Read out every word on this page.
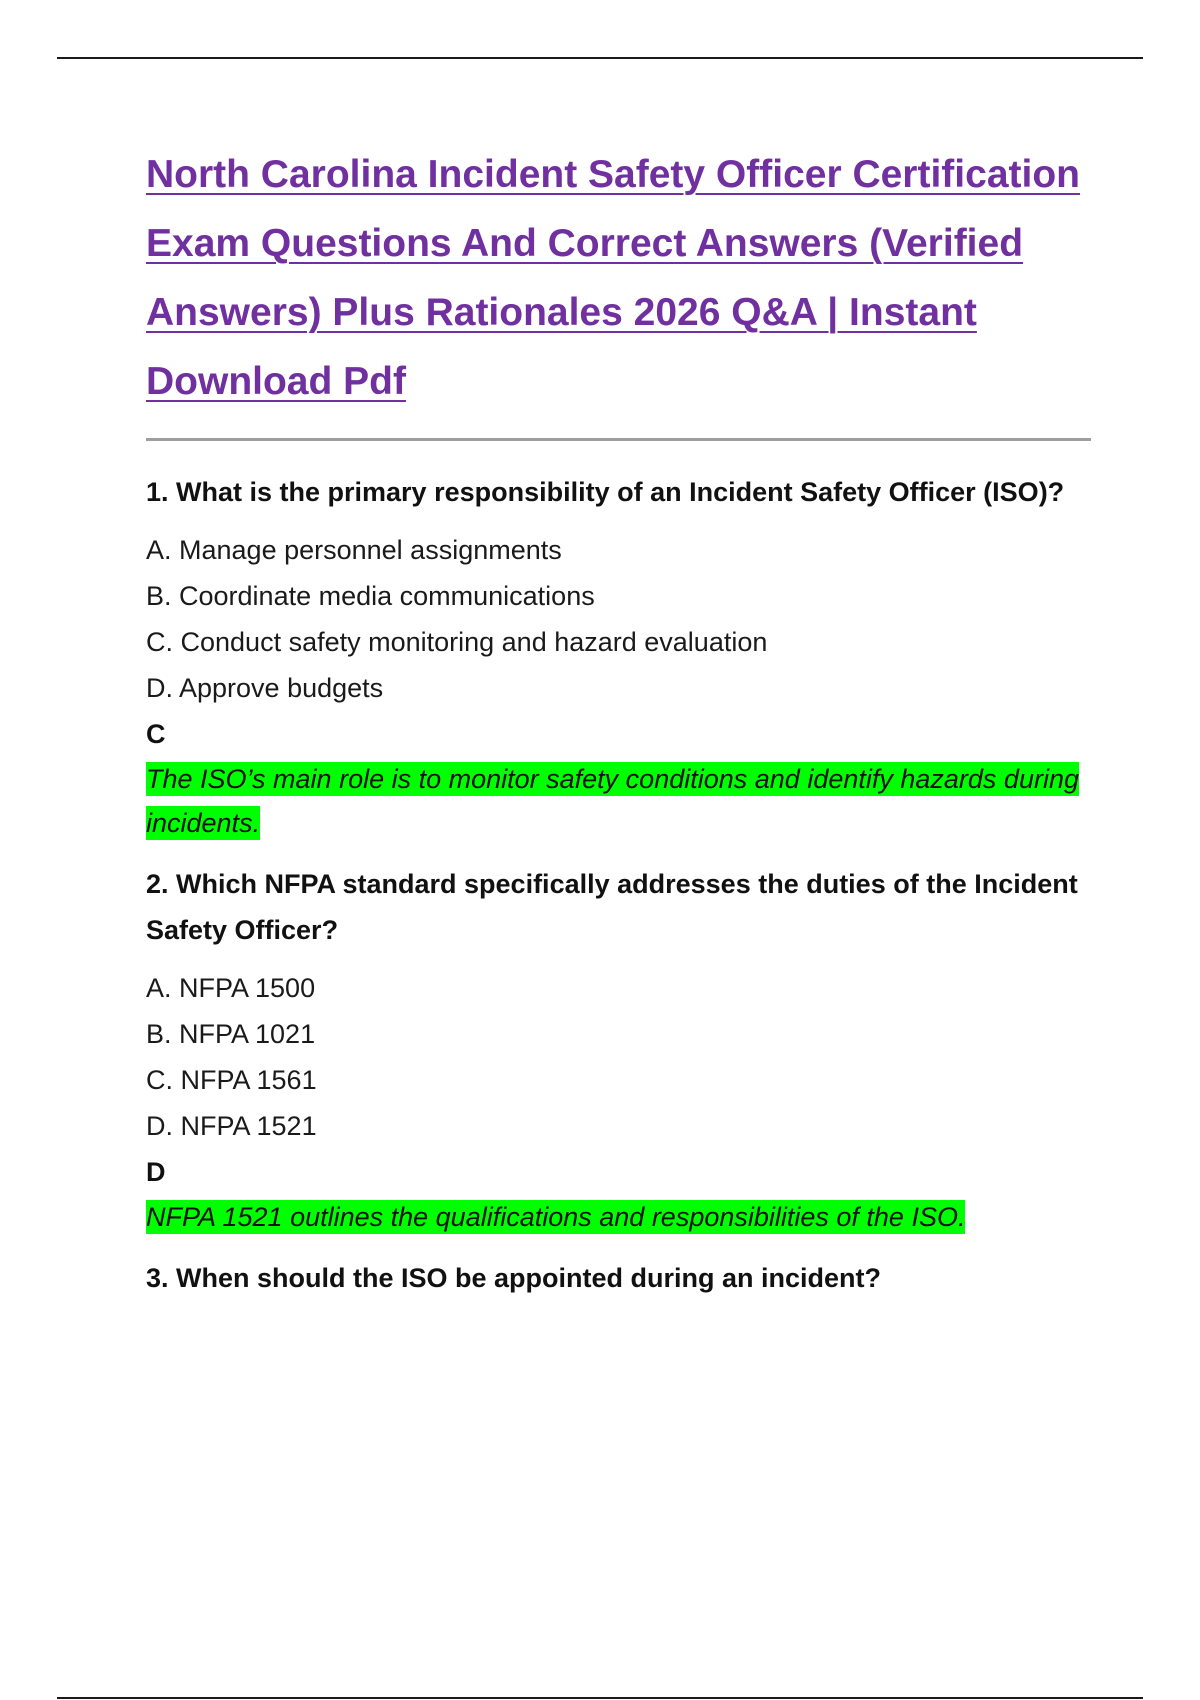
North Carolina Incident Safety Officer Certification Exam Questions And Correct Answers (Verified Answers) Plus Rationales 2026 Q&A | Instant Download Pdf

1. What is the primary responsibility of an Incident Safety Officer (ISO)?

A. Manage personnel assignments
B. Coordinate media communications
C. Conduct safety monitoring and hazard evaluation
D. Approve budgets

C

The ISO’s main role is to monitor safety conditions and identify hazards during incidents.

2. Which NFPA standard specifically addresses the duties of the Incident Safety Officer?

A. NFPA 1500
B. NFPA 1021
C. NFPA 1561
D. NFPA 1521

D

NFPA 1521 outlines the qualifications and responsibilities of the ISO.

3. When should the ISO be appointed during an incident?
